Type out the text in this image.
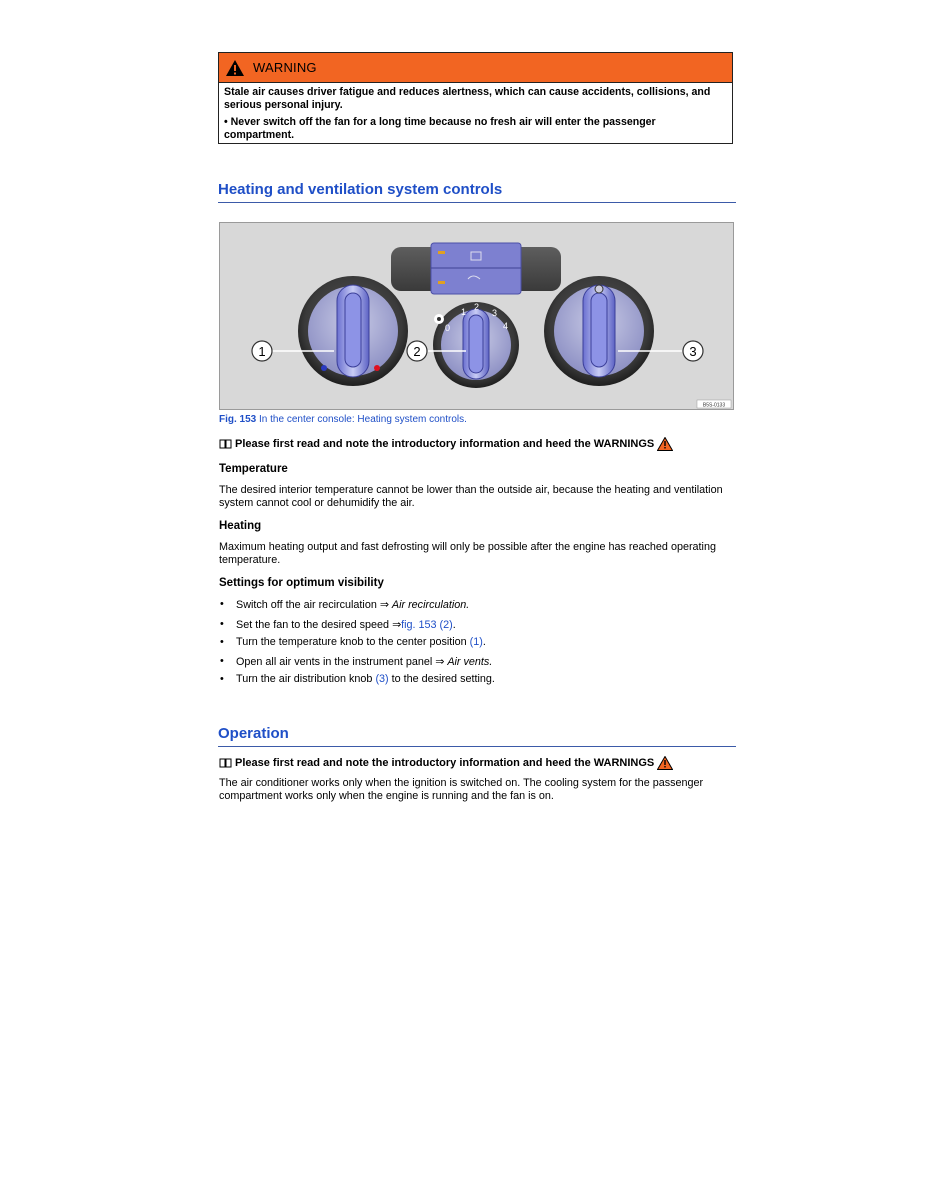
WARNING

Stale air causes driver fatigue and reduces alertness, which can cause accidents, collisions, and serious personal injury.

• Never switch off the fan for a long time because no fresh air will enter the passenger compartment.

Heating and ventilation system controls
0
1 2
3
4
1	2	3
B5S-0133
Fig. 153 In the center console: Heating system controls.
Please first read and note the introductory information and heed the WARNINGS
Temperature

The desired interior temperature cannot be lower than the outside air, because the heating and ventilation system cannot cool or dehumidify the air.

Heating

Maximum heating output and fast defrosting will only be possible after the engine has reached operating temperature.

Settings for optimum visibility
• Switch off the air recirculation ⇒ Air recirculation.
• Set the fan to the desired speed ⇒fig. 153 (2).
• Turn the temperature knob to the center position (1).
• Open all air vents in the instrument panel ⇒ Air vents.
• Turn the air distribution knob (3) to the desired setting.
Operation
Please first read and note the introductory information and heed the WARNINGS

The air conditioner works only when the ignition is switched on. The cooling system for the passenger compartment works only when the engine is running and the fan is on.
